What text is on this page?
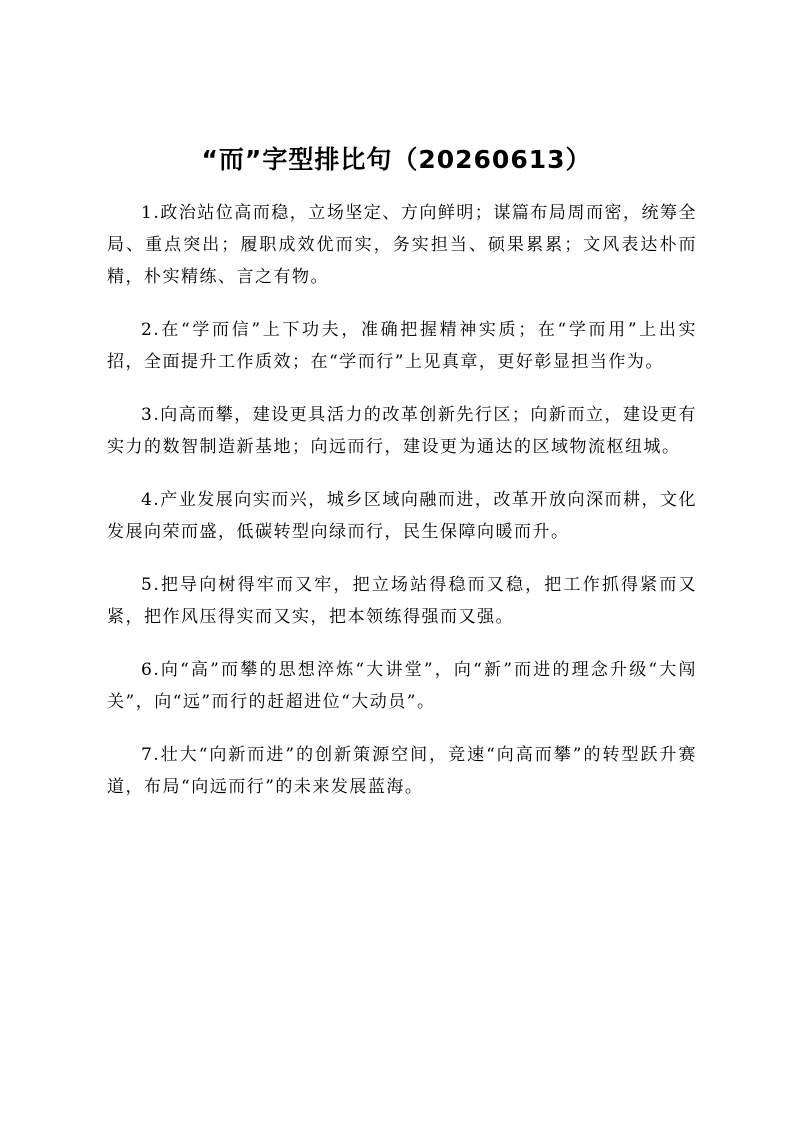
“而”字型排比句（20260613）

1.政治站位高而稳，立场坚定、方向鲜明；谋篇布局周而密，统筹全局、重点突出；履职成效优而实，务实担当、硕果累累；文风表达朴而精，朴实精练、言之有物。

2.在“学而信”上下功夫，准确把握精神实质；在“学而用”上出实招，全面提升工作质效；在“学而行”上见真章，更好彰显担当作为。

3.向高而攀，建设更具活力的改革创新先行区；向新而立，建设更有实力的数智制造新基地；向远而行，建设更为通达的区域物流枢纽城。

4.产业发展向实而兴，城乡区域向融而进，改革开放向深而耕，文化发展向荣而盛，低碳转型向绿而行，民生保障向暖而升。

5.把导向树得牢而又牢，把立场站得稳而又稳，把工作抓得紧而又紧，把作风压得实而又实，把本领练得强而又强。

6.向“高”而攀的思想淬炼“大讲堂”，向“新”而进的理念升级“大闯关”，向“远”而行的赶超进位“大动员”。

7.壮大“向新而进”的创新策源空间，竞速“向高而攀”的转型跃升赛道，布局“向远而行”的未来发展蓝海。
